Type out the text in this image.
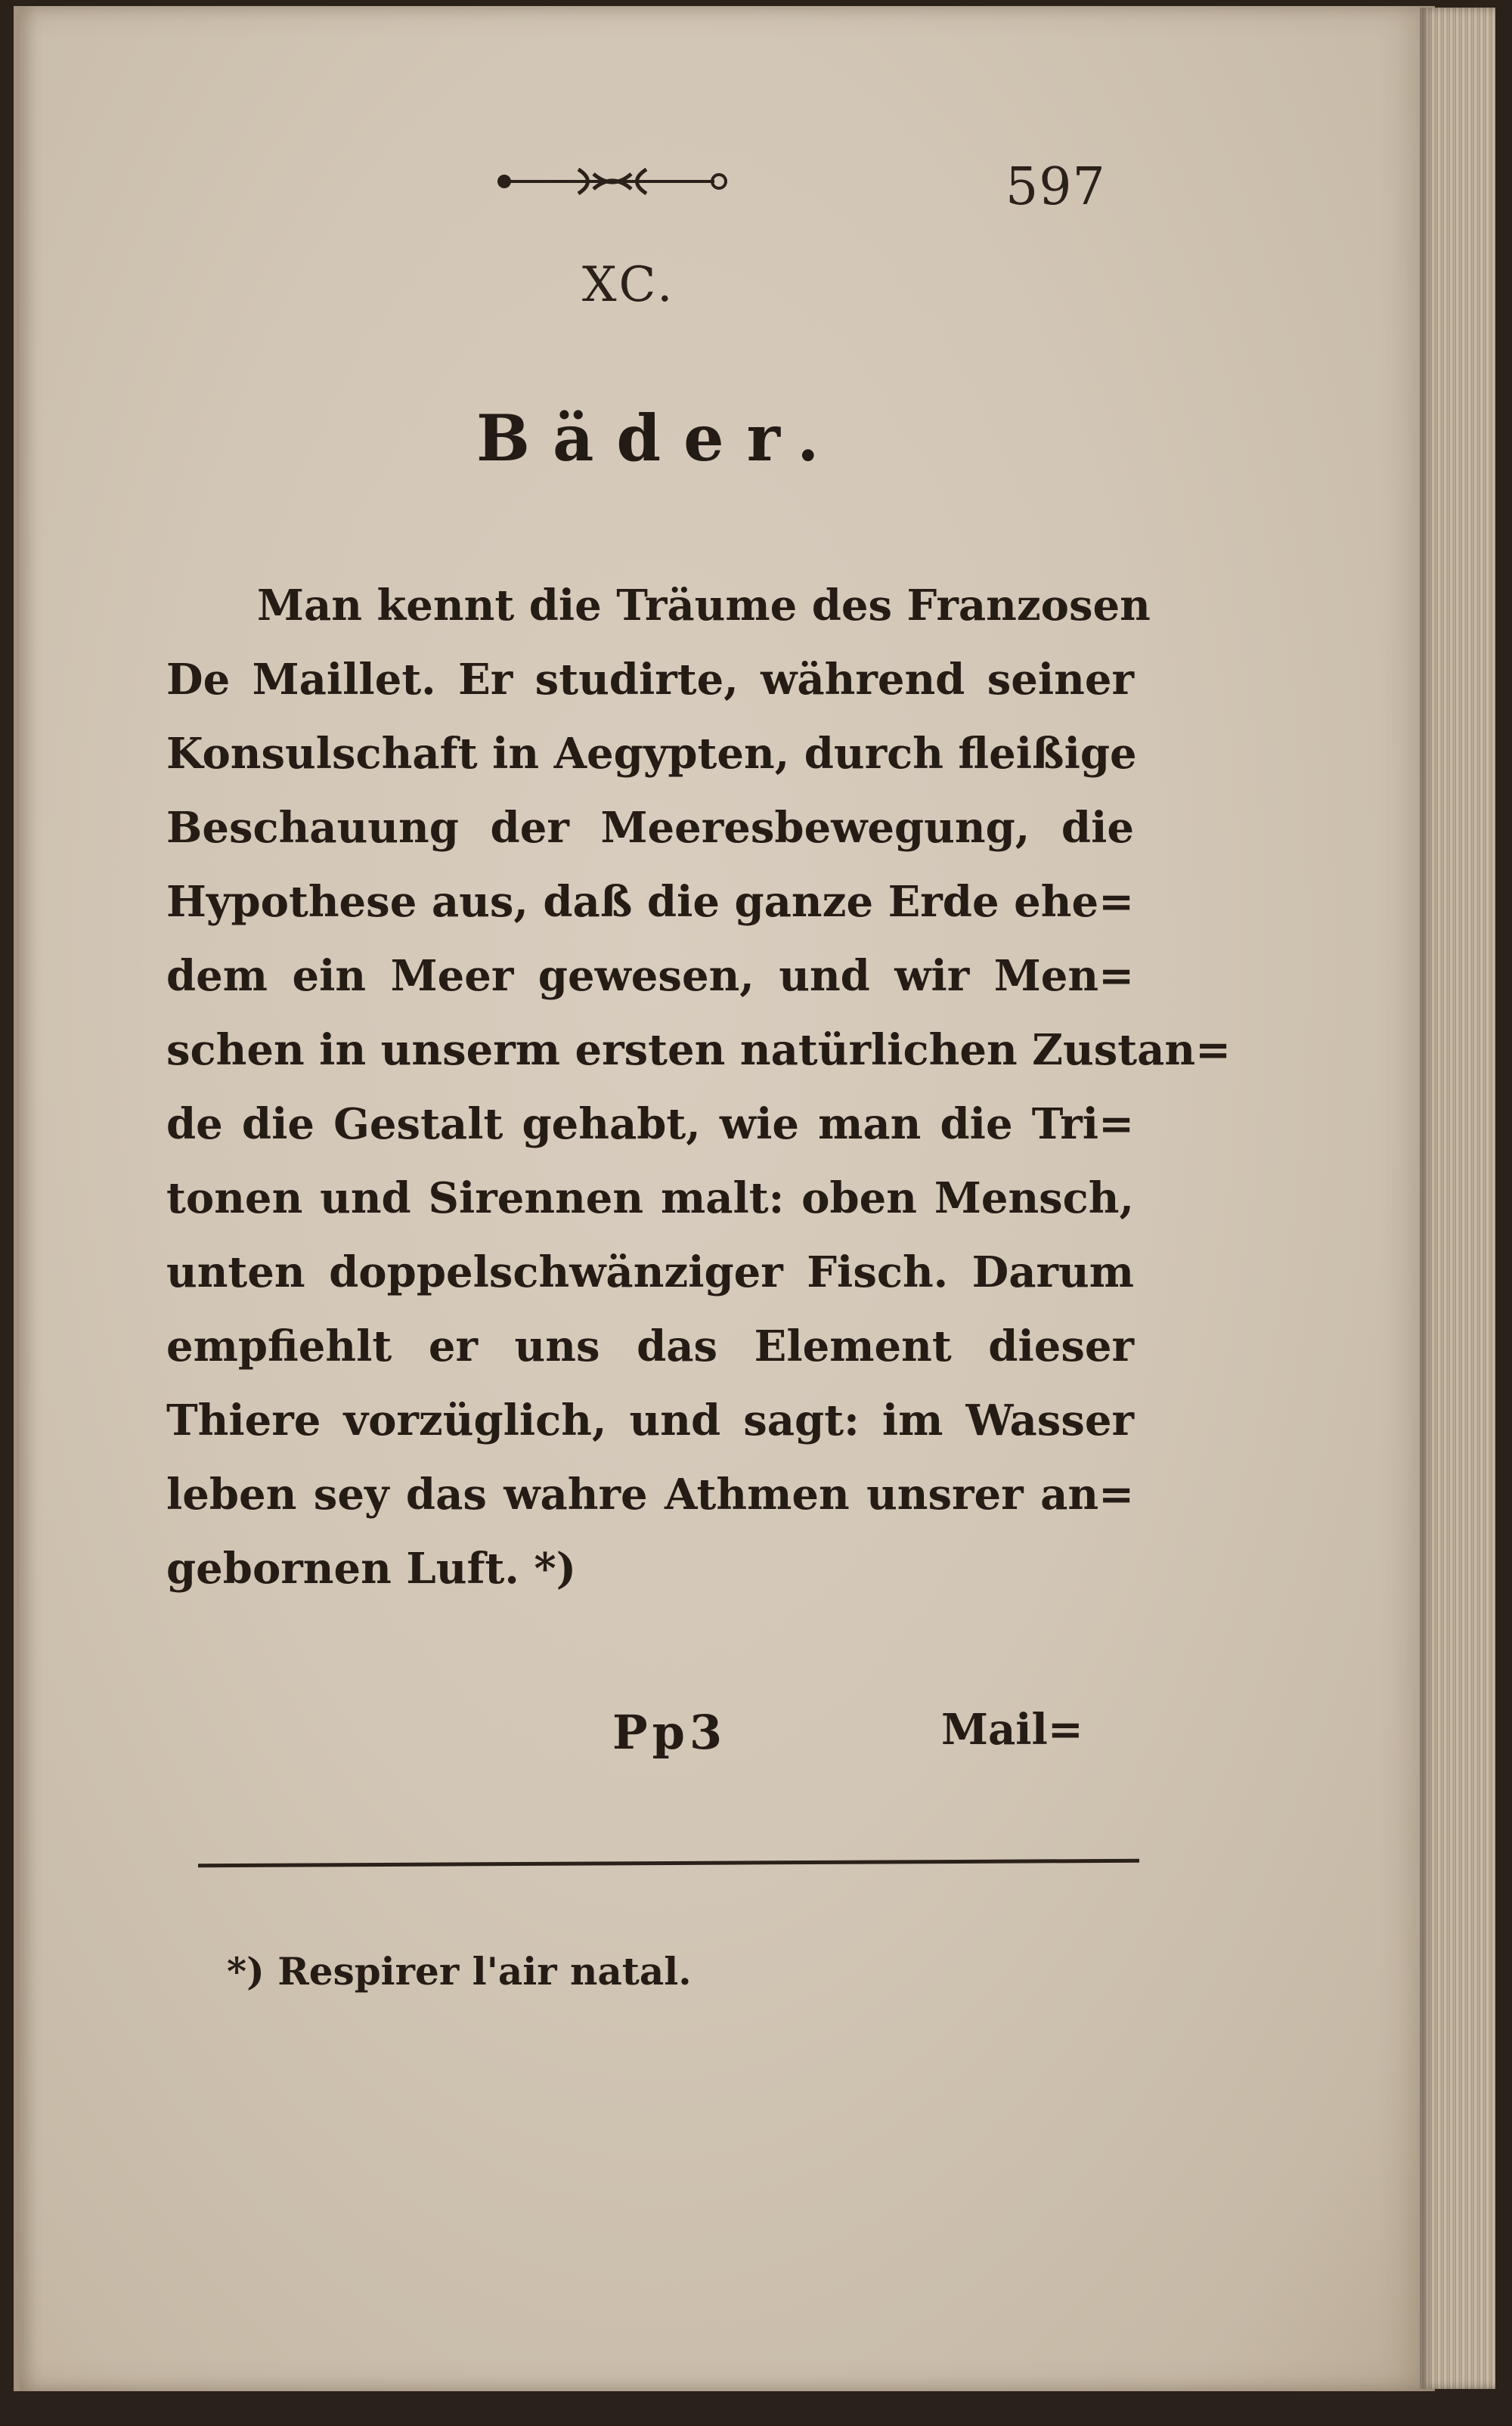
597
XC.
Bäder.
Man kennt die Träume des Franzosen
De Maillet. Er studirte, während seiner
Konsulschaft in Aegypten, durch fleißige
Beschauung der Meeresbewegung, die
Hypothese aus, daß die ganze Erde ehe=
dem ein Meer gewesen, und wir Men=
schen in unserm ersten natürlichen Zustan=
de die Gestalt gehabt, wie man die Tri=
tonen und Sirennen malt: oben Mensch,
unten doppelschwänziger Fisch. Darum
empfiehlt er uns das Element dieser
Thiere vorzüglich, und sagt: im Wasser
leben sey das wahre Athmen unsrer an=
gebornen Luft. *)
Pp3	Mail=
*) Respirer l'air natal.
